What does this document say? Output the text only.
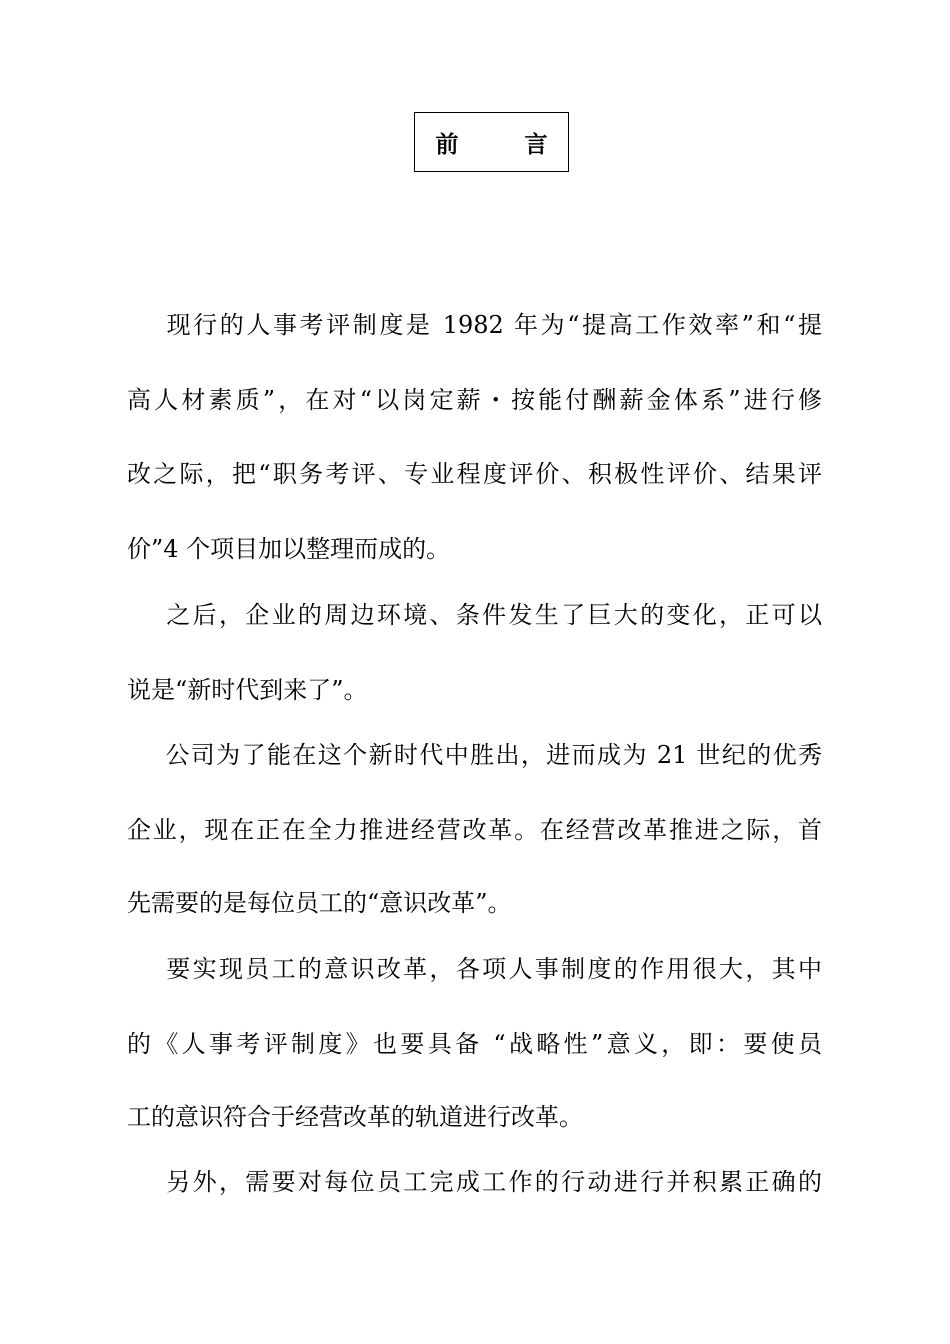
前	言
现行的人事考评制度是 1982 年为“提高工作效率”和“提
高人材素质”，在对“以岗定薪・按能付酬薪金体系”进行修
改之际，把“职务考评、专业程度评价、积极性评价、结果评
价”4 个项目加以整理而成的。
之后，企业的周边环境、条件发生了巨大的变化，正可以
说是“新时代到来了”。
公司为了能在这个新时代中胜出，进而成为 21 世纪的优秀
企业，现在正在全力推进经营改革。在经营改革推进之际，首
先需要的是每位员工的“意识改革”。
要实现员工的意识改革，各项人事制度的作用很大，其中
的《人事考评制度》也要具备 “战略性”意义，即：要使员
工的意识符合于经营改革的轨道进行改革。
另外，需要对每位员工完成工作的行动进行并积累正确的
